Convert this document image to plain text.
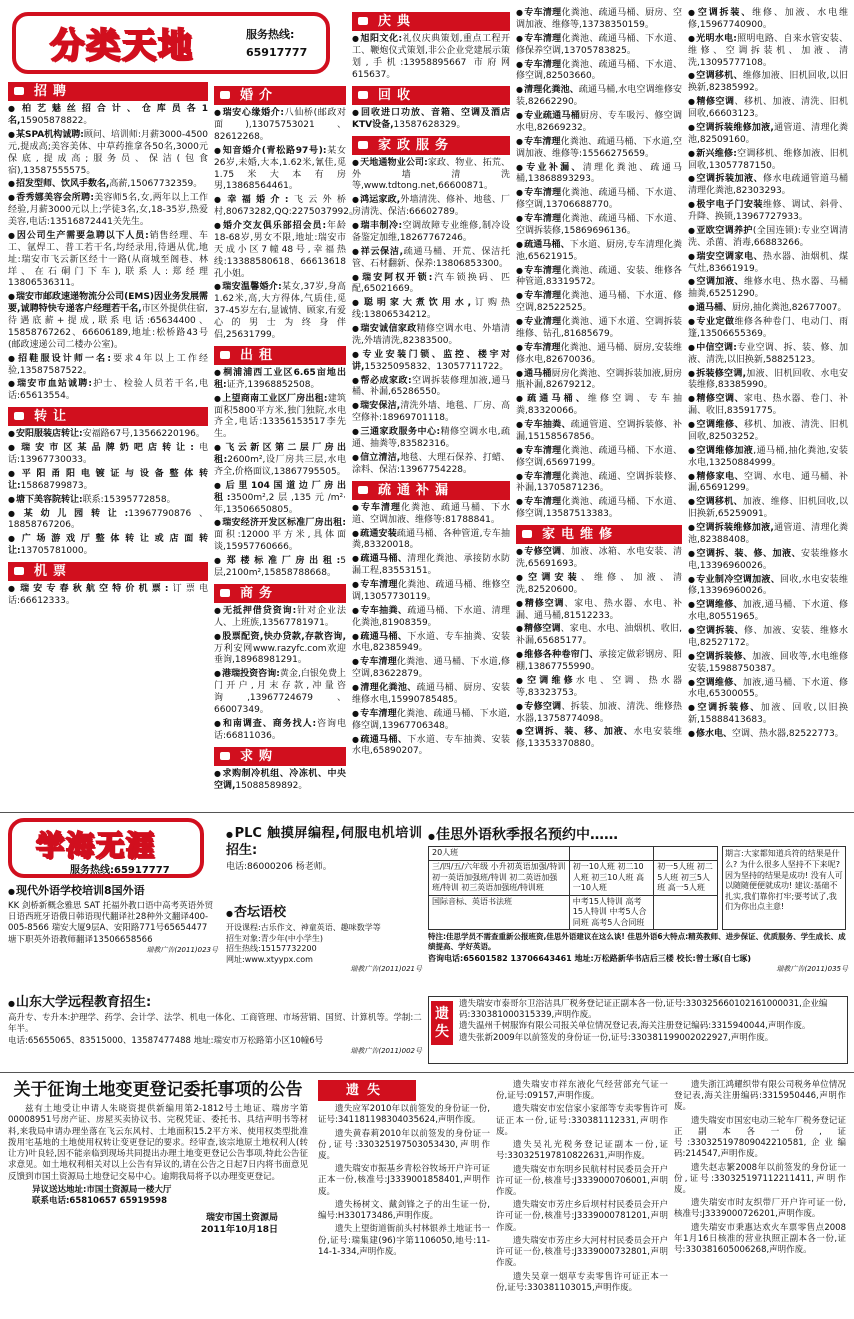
分类天地	服务热线:
65917777
招聘
● 柏艺魅丝招合计、仓库员各1名,15905878822。
● 某SPA机构诚聘:顾问、培训师:月薪3000-4500元,提成高;美容美体、中草药推拿各50名,3000元保底,提成高;服务员、保洁(包食宿),13587555575。
● 招发型师、饮风手数名,高薪,15067732359。
● 香秀娜美容会所聘:美容师5名,女,两年以上工作经验,月薪3000元以上;学徒3名,女,18-35岁,热爱美容,电话:13516872441关先生。
● 因公司生产需要急聘以下人员:销售经理、车工、氩焊工、普工若干名,均经录用,待遇从优,地址:瑞安市飞云新区经十一路(从商城至阁巷、林垟、在石硐门下车),联系人:郑经理13806536311。
● 瑞安市邮政速递物流分公司(EMS)因业务发展需要,诚聘特快专递客户经理若干名,市区外提供住宿,待遇底薪+提成,联系电话:65634400、15858767262、66606189,地址:松桥路43号(邮政速递公司二楼办公室)。
● 招鞋服设计师一名:要求4年以上工作经验,13587587522。
● 瑞安市血站诚聘:护士、检验人员若干名,电话:65613554。
转让
● 安阳服装店转让:安福路67号,13566220196。
● 瑞安市区某品牌奶吧店转让:电话:13967730033。
● 平阳甬阳电镀证与设备整体转让:15868799873。
● 塘下美容院转让:联系:15395772858。
● 某幼儿园转让:13967790876、18858767206。
● 广场游戏厅整体转让或店面转让:13705781000。
机票
● 瑞安专春秋航空特价机票:订票电话:66612333。
婚介
● 瑞安心缘婚介:八仙桥(邮政对面),13075753021、82612268。
● 知音婚介(青松路97号):某女26岁,未婚,大本,1.62米,氰佳,觅1.75米大本有房男,13868564461。
● 幸福婚介:飞云外桥村,80673282,QQ:2275037992。
● 婚介交友俱乐部招会员:年龄18-68岁,男女不限,地址:瑞安市天成小区7幢48号,幸福热线:13388580618、66613618孔小姐。
● 瑞安温馨婚介:某女,37岁,身高1.62米,高,大方得体,气质佳,觅37-45岁左右,显诚情、顾家,有爱心的男士为终身伴侣,25631799。
出租
● 桐浦浦西工业区6.65亩地出租:证齐,13968852508。
● 上望商南工业区厂房出租:建筑面积5800平方米,独门独院,水电齐全,电话:13356153517李先生。
● 飞云新区第二层厂房出租:2600m²,设厂房共三层,水电齐全,价格面议,13867795505。
● 后里104国道边厂房出租:3500m²,2层,135元/m²·年,13506650805。
● 瑞安经济开发区标准厂房出租:面积:12000平方米,具体面谈,15957760666。
● 郑楼标准厂房出租:5层,2100m²,15858788668。
商务
● 无抵押借贷资询:针对企业法人、上班族,13567781971。
● 股票配资,快办贷款,存款咨询,万利安网www.razyfc.com欢迎垂询,18968981291。
● 港瑞投资咨询:黄金,白银免费上门开户,月末存款,冲量咨询,13967724679、66007349。
● 和南调查、商务找人:咨询电话:66811036。
求购
● 求购制冷机组、冷冻机、中央空调,15088589892。
庆典
● 旭阳文化:礼仪庆典策划,重点工程开工、鞭炮仪式策划,非公企业党建展示策划,手机:13958895667 市府网615637。
回收
● 回收进口功放、音箱、空调及酒店KTV设备,13587628329。
家政服务
● 天地通物业公司:家政、物业、拓荒、外墙清洗等,www.tdtong.net,66600871。
● 鸿运家政,外墙清洗、修补、地毯、厂房清洗、保洁:66602789。
● 瑞丰制冷:空调故障专业维修,制冷设备鉴定加维,18267767246。
● 祥云保洁,疏通马桶、开荒、保洁托管、石材翻新、保养:13806853300。
● 瑞安阿权开锁:汽车锁换码、匹配,65021669。
● 聪明家大煮饮用水,订购热线:13806534212。
● 瑞安诚信家政精修空调水电、外墙清洗,外墙清洗,82383500。
● 专业安装门锁、监控、楼宇对讲,15325095832、13057711722。
● 帮必成家政:空调拆装修理加液,通马桶、补漏,65286550。
● 瑞安保洁,清洗外墙、地毯、厂房、高空修补:18969701118。
● 三通家政服务中心:精修空调水电,疏通、抽粪等,83582316。
● 信立清洁,地毯、大理石保养、打蜡、涂料、保洁:13967754228。
疏通补漏
● 专车清理化粪池、疏通马桶、下水道、空调加液、维修等:81788841。
● 疏通安装疏通马桶、各种管道,专车抽粪,83320018。
● 疏通马桶、清理化粪池、承接防水防漏工程,83553151。
● 专车清理化粪池、疏通马桶、维修空调,13057730119。
● 专车抽粪、疏通马桶、下水道、清理化粪池,81908359。
● 疏通马桶、下水道、专车抽粪、安装水电,82385949。
● 专车清理化粪池、通马桶、下水道,修空调,83622879。
● 清理化粪池、疏通马桶、厨房、安装维修水电,15990785485。
● 专车清理化粪池、疏通马桶、下水道,修空调,13967706348。
● 疏通马桶、下水道、专车抽粪、安装水电,65890207。
● 专车清理化粪池、疏通马桶、厨房、空调加液、维修等,13738350159。
● 专车清理化粪池、疏通马桶、下水道、修保养空调,13705783825。
● 专车清理化粪池、疏通马桶、下水道、修空调,82503660。
● 清理化粪池、疏通马桶,水电空调维修安装,82662290。
● 专业疏通马桶厨房、专车吸污、修空调水电,82669232。
● 专车清理化粪池、疏通马桶、下水道,空调加液、维修等:15566275659。
● 专业补漏、清理化粪池、疏通马桶,13868893293。
● 专车清理化粪池、疏通马桶、下水道、修空调,13706688770。
● 专车清理化粪池、疏通马桶、下水道、空调拆装修,15869696136。
● 疏通马桶、下水道、厨房,专车清理化粪池,65621915。
● 专车清理化粪池、疏通、安装、维修各种管道,83319572。
● 专车清理化粪池、通马桶、下水道、修空调,82522525。
● 专业清理化粪池、通下水道、空调拆装维修、钻孔,81685679。
● 专车清理化粪池、通马桶、厨房,安装维修水电,82670036。
● 通马桶厨房化粪池、空调拆装加液,厨房瓶补漏,82679212。
● 疏通马桶、维修空调、专车抽粪,83320066。
● 专车抽粪、疏通管道、空调拆装修、补漏,15158567856。
● 专车清理化粪池、疏通马桶、下水道、修空调,65697199。
● 专车清理化粪池、疏通、空调拆装修、补漏,13705871236。
● 专车清理化粪池、疏通马桶、下水道、修空调,13587513383。
家电维修
● 专修空调、加液、冰箱、水电安装、清洗,65691693。
● 空调安装、维修、加液、清洗,82520600。
● 精修空调、家电、热水器、水电、补漏、通马桶,81512233。
● 精修空调、家电、水电、油烟机、收旧,补漏,65685177。
● 维修各种卷帘门、承接定做彩钢房、阳棚,13867755990。
● 空调维修水电、空调、热水器等,83323753。
● 专修空调、拆装、加液、清洗、维修热水器,13758774098。
● 空调拆、装、移、加液、水电安装维修,13353370880。
● 空调拆装、维修、加液、水电维修,15967740900。
● 光明水电:照明电路、自来水管安装、维修、空调拆装机、加液、清洗,13095777108。
● 空调移机、维修加液、旧机回收,以旧换新,82385992。
● 精修空调、移机、加液、清洗、旧机回收,66603123。
● 空调拆装维修加液,通管道、清理化粪池,82509160。
● 新兴维修:空调移机、维修加液、旧机回收,13057787150。
● 空调拆装加液、修水电疏通管道马桶清理化粪池,82303293。
● 极宇电子门安装维修、调试、斜骨、升降、换锁,13967727933。
● 亚欧空调养护(全国连锁):专业空调清洗、杀菌、消毒,66883266。
● 瑞安空调家电、热水器、油烟机、煤气灶,83661919。
● 空调加液、维修水电、热水器、马桶抽粪,65251290。
● 通马桶、厨房,抽化粪池,82677007。
● 专业定做维修各种卷门、电动门、雨篷,13506655369。
● 中信空调:专业空调、拆、装、修、加液、清洗,以旧换新,58825123。
● 拆装修空调,加液、旧机回收、水电安装维修,83385990。
● 精修空调、家电、热水器、卷门、补漏、收旧,83591775。
● 空调维修、移机、加液、清洗、旧机回收,82503252。
● 空调维修加液,通马桶,抽化粪池,安装水电,13250884999。
● 精修家电、空调、水电、通马桶、补漏,65691299。
● 空调移机、加液、维修、旧机回收,以旧换新,65259091。
● 空调拆装维修加液,通管道、清理化粪池,82388408。
● 空调拆、装、修、加液、安装维修水电,13396960026。
● 专业制冷空调加液、回收,水电安装维修,13396960026。
● 空调维修、加液,通马桶、下水道、修水电,80551965。
● 空调拆装、修、加液、安装、维修水电,82527172。
● 空调拆装修、加液、回收等,水电维修安装,15988750387。
● 空调维修、加液,通马桶、下水道、修水电,65300055。
● 空调拆装修、加液、回收,以旧换新,15888413683。
● 修水电、空调、热水器,82522773。
学海无涯
服务热线:65917777
● 现代外语学校培训8国外语
KK 剑桥新概念雅思 SAT 托福外教口语中高考英语外贸日语西班牙语俄日韩语现代翻译社28种外文翻译400-005-8566 瑞安大厦9层A、安阳路771号65654477 塘下职英外语教师翻译13506658566
瑞教广告(2011)023号
● PLC 触摸屏编程,伺服电机培训招生:
电话:86000206 杨老师。
● 杏坛语校
开设课程:古乐作文、神童英语、趣味数学等
招生对象:青少年(中小学生)
招生热线:15157732200
网址:www.xtyypx.com
瑞教广告(2011)021号
● 佳思外语秋季报名预约中……
20人班		
三/四/五/六年级 小升初英语加强/特训 初一英语加强班/特训 初二英语加强班/特训 初三英语加强班/特训班	初一10人班 初二10人班 初三10人班 高一10人班	初一5人班 初二5人班 初三5人班 高一5人班
国际音标、英语书法班	中考15人特训 高考15人特训 中考5人合同班 高考5人合同班	
期言:大家都知道兵符的结果是什么? 为什么很多人坚持不下来呢? 因为坚持的结果是成功! 没有人可以随随便便就成功! 建议:基础不扎实,我们靠你打牢;要考试了,我们为你出点主意!
特注:佳思学员不需查重新公报班资,佳思外语建议在这么谈! 佳思外语6大特点:精英教师、进步保证、优质服务、学生成长、成绩提高、学好英语。
咨询电话:65601582 13706643461 地址:万松路新华书店后三楼 校长:曾士琢(自七琢)
瑞教广告(2011)035号
● 山东大学远程教育招生:
高升专、专升本:护理学、药学、会计学、法学、机电一体化、工商管理、市场营销、国贸、计算机等。学制:二年半。
电话:65655065、83515000、13587477488 地址:瑞安市万松路第小区10幢6号
瑞教广告(2011)002号
遗失
遗失瑞安市泰哥尔卫浴洁具厂税务登记证正副本各一份,证号:330325660102161000031,企业编码:330381000315339,声明作废。
遗失温州千树服饰有限公司报关单位情况登记表,海关注册登记编码:3315940044,声明作废。
遗失张新2009年以前签发的身份证一份,证号:330381199002022927,声明作废。
关于征询土地变更登记委托事项的公告

兹有土地受让申请人朱晓资提供新编用第2-1812号土地证、瑞房字第00008951号房产证、房屋买卖协议书、完税凭证、委托书、具结声明书等材料,来我局申请办理坐落在飞云东风村、土地面积15.2平方米、使用权类型批准拨用宅基地的土地使用权转让变更登记的要求。经审查,该宗地原土地权利人(转让方)叶良轻,因不能亲临到现场共同提出办理土地变更登记公告事项,特此公告征求意见。如土地权利相关对以上公告有异议的,请在公告之日起7日内将书面意见反馈到市国土资源局土地登记交易中心。逾期我局将予以办理变更登记。

异议送达地址:市国土资源局一楼大厅
联系电话:65810657 65919598
瑞安市国土资源局
2011年10月18日
遗失

遗失应军2010年以前签发的身份证一份,证号:341181198304035624,声明作废。

遗失黄春莉2010年以前签发的身份证一份,证号:330325197503053430,声明作废。

遗失瑞安市振基乡青松谷牧场开户许可证正本一份,核准号:J3339001858401,声明作废。

遗失杨树文、戴剑锋之子的出生证一份,编号:H330173486,声明作废。

遗失上望街道衙前头村林银养土地证书一份,证号:瑞集建(96)字第1106050,地号:11-14-1-334,声明作废。

遗失瑞安市祥东液化气经营部充气证一份,证号:09157,声明作废。

遗失瑞安市宏信家小家部等专卖零售许可证正本一份,证号:330381112331,声明作废。

遗失吴礼光税务登记证副本一份,证号:330325197810822631,声明作废。

遗失瑞安市东明乡民航村村民委员会开户许可证一份,核准号:J3339000706001,声明作废。

遗失瑞安市芳庄乡后坝村村民委员会开户许可证一份,核准号:J3339000781201,声明作废。

遗失瑞安市芳庄乡大河村村民委员会开户许可证一份,核准号:J3339000732801,声明作废。

遗失吴章一烟草专卖零售许可证正本一份,证号:330381103015,声明作废。

遗失浙江鸿耀织带有限公司税务单位情况登记表,海关注册编码:3315950446,声明作废。

遗失瑞安市国宏电动三轮车厂税务登记证正副本各一份,证号:330325197809042210581,企业编码:214547,声明作废。

遗失赵志繁2008年以前签发的身份证一份,证号:330325197112211411,声明作废。

遗失瑞安市时友织带厂开户许可证一份,核准号:J3339000726201,声明作废。

遗失瑞安市秉惠达欢火车票零售点2008年1月16日核准的营业执照正副本各一份,证号:330381605006268,声明作废。
